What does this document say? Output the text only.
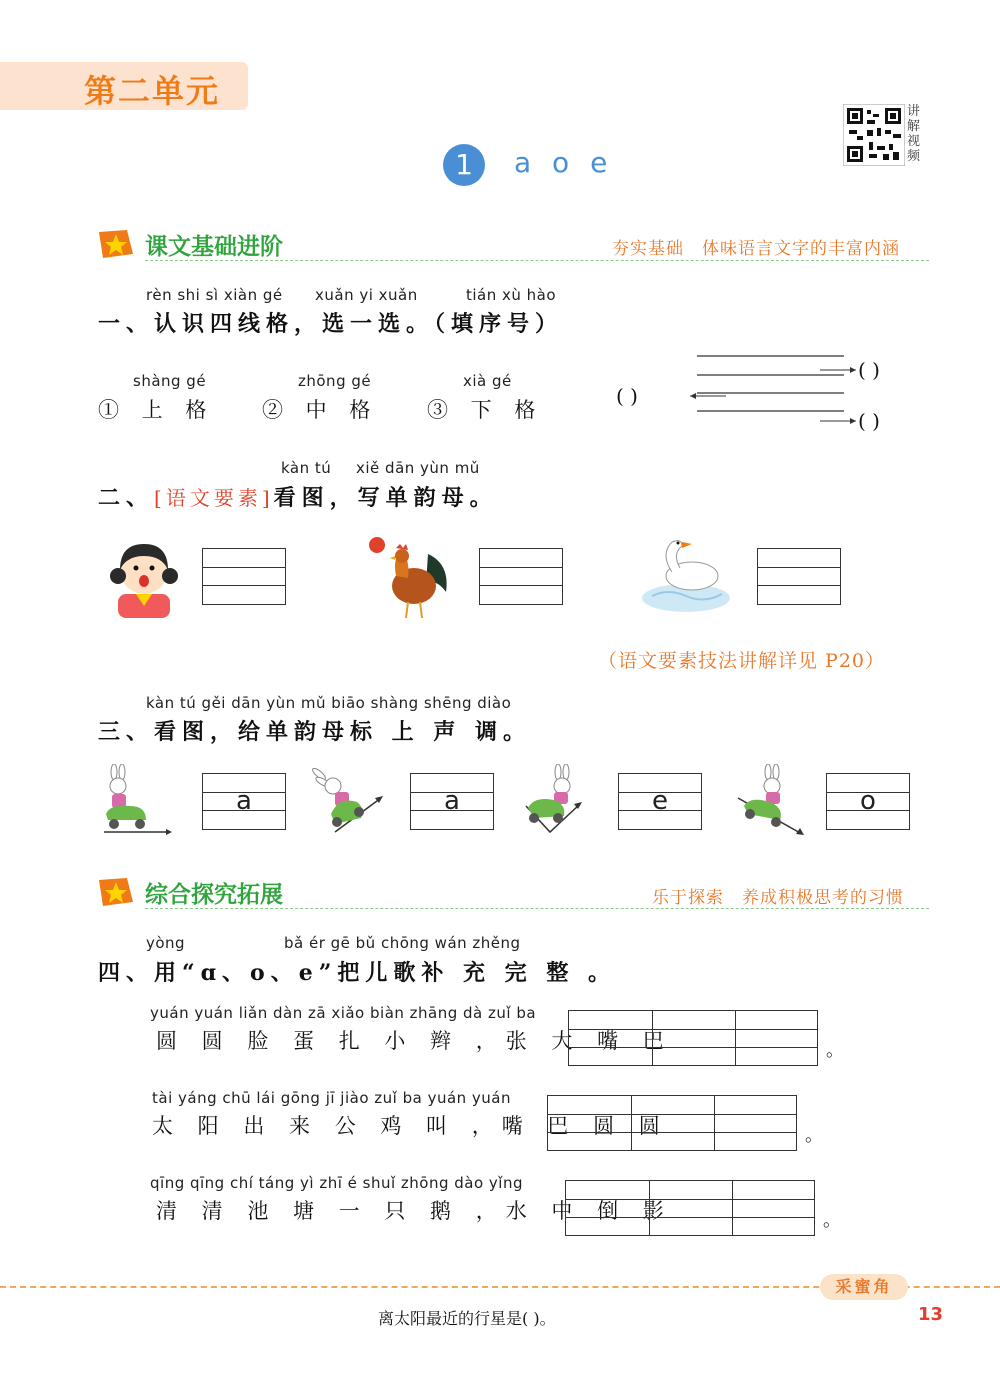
第二单元
讲解视频
1	a o e
课文基础进阶	夯实基础　体味语言文字的丰富内涵
rèn shi sì xiàn gé xuǎn yi xuǎn	tián xù hào
一、认识四线格，选一选。（填序号）
shàng gé
① 上 格
zhōng gé
② 中 格
xià gé
③ 下 格
( )
( )
( )
kàn tú xiě dān yùn mǔ
二、[语文要素]看图，写单韵母。
（语文要素技法讲解详见 P20）
kàn tú gěi dān yùn mǔ biāo shàng shēng diào
三、看图，给单韵母标 上 声 调。
a	a	e	o
综合探究拓展	乐于探索　养成积极思考的习惯
yòng	bǎ ér gē bǔ chōng wán zhěng
四、用“ɑ、o、e”把儿歌补 充 完 整 。
yuán yuán liǎn dàn zā xiǎo biàn zhāng dà zuǐ ba
圆 圆 脸 蛋 扎 小 辫 ，张 大 嘴 巴	。
tài yáng chū lái gōng jī jiào zuǐ ba yuán yuán
太 阳 出 来 公 鸡 叫 ，嘴 巴 圆 圆	。
qīng qīng chí táng yì zhī é shuǐ zhōng dào yǐng
清 清 池 塘 一 只 鹅 ，水 中 倒 影	。
采蜜角
离太阳最近的行星是( )。	13
